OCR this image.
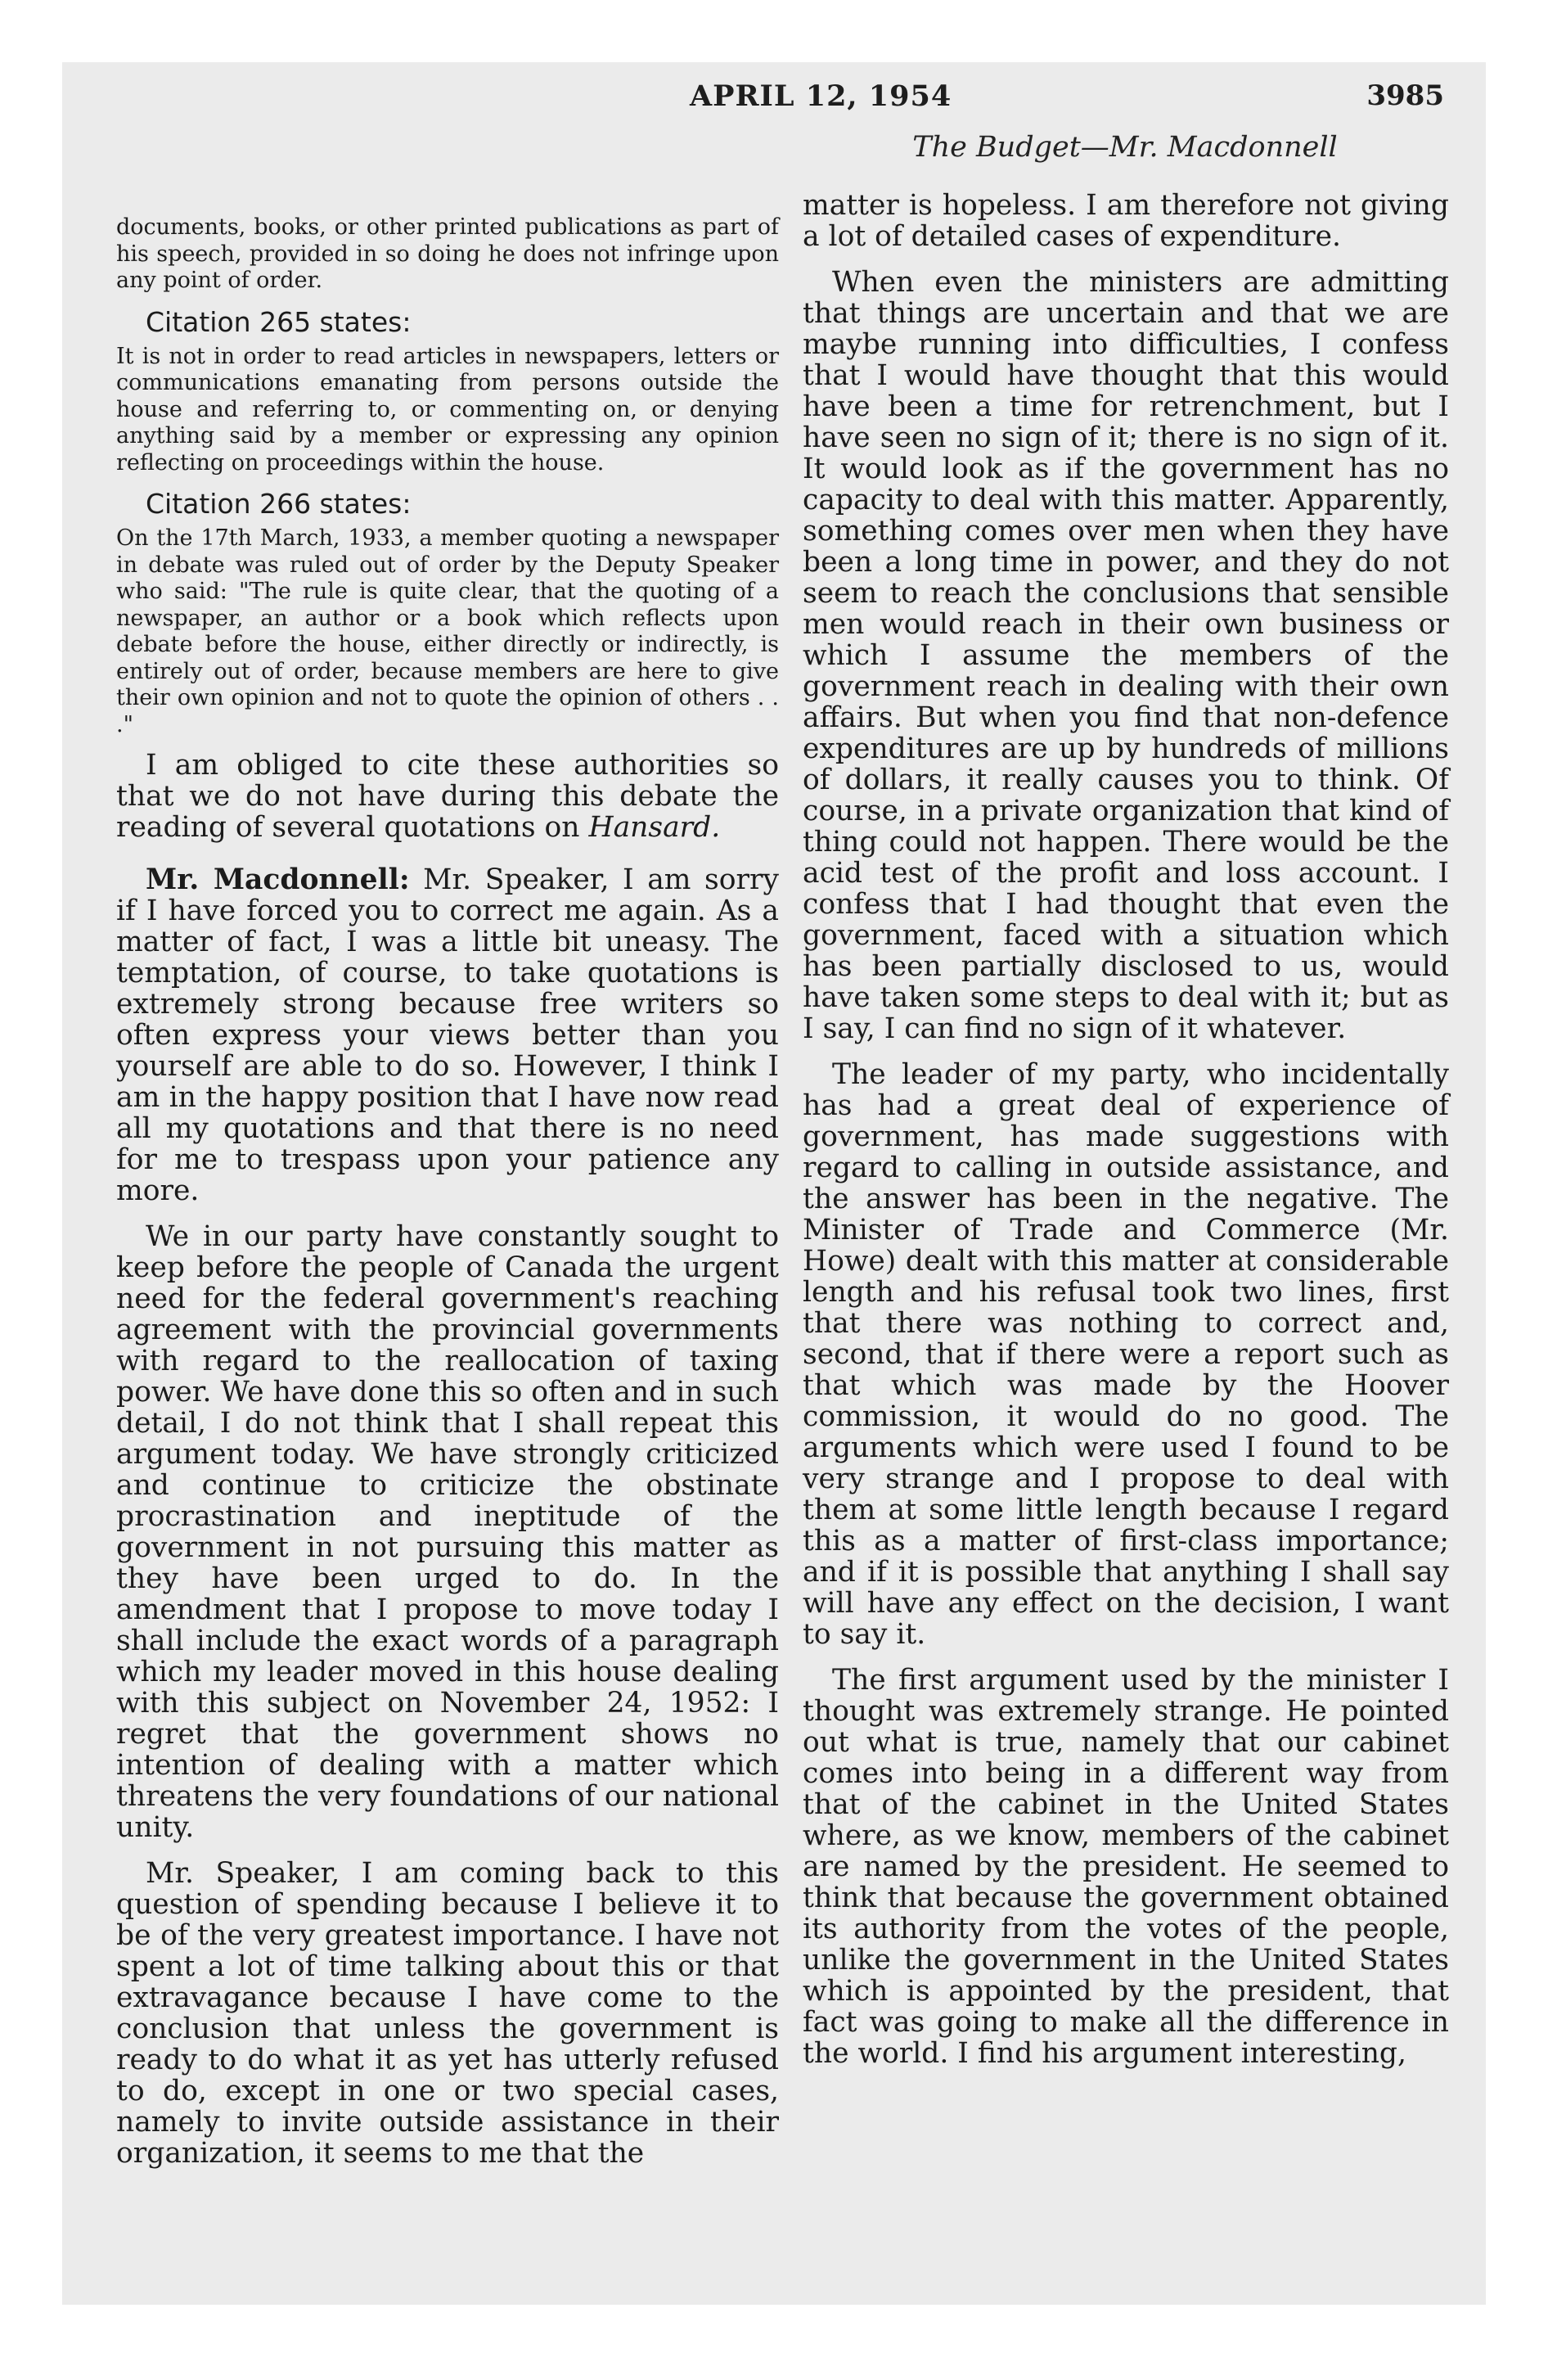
APRIL 12, 1954	3985
The Budget—Mr. Macdonnell

documents, books, or other printed publications as part of his speech, provided in so doing he does not infringe upon any point of order.

Citation 265 states:

It is not in order to read articles in newspapers, letters or communications emanating from persons outside the house and referring to, or commenting on, or denying anything said by a member or expressing any opinion reflecting on proceedings within the house.

Citation 266 states:

On the 17th March, 1933, a member quoting a newspaper in debate was ruled out of order by the Deputy Speaker who said: "The rule is quite clear, that the quoting of a newspaper, an author or a book which reflects upon debate before the house, either directly or indirectly, is entirely out of order, because members are here to give their own opinion and not to quote the opinion of others . . ."

I am obliged to cite these authorities so that we do not have during this debate the reading of several quotations on Hansard.

Mr. Macdonnell: Mr. Speaker, I am sorry if I have forced you to correct me again. As a matter of fact, I was a little bit uneasy. The temptation, of course, to take quotations is extremely strong because free writers so often express your views better than you yourself are able to do so. However, I think I am in the happy position that I have now read all my quotations and that there is no need for me to trespass upon your patience any more.

We in our party have constantly sought to keep before the people of Canada the urgent need for the federal government's reaching agreement with the provincial governments with regard to the reallocation of taxing power. We have done this so often and in such detail, I do not think that I shall repeat this argument today. We have strongly criticized and continue to criticize the obstinate procrastination and ineptitude of the government in not pursuing this matter as they have been urged to do. In the amendment that I propose to move today I shall include the exact words of a paragraph which my leader moved in this house dealing with this subject on November 24, 1952: I regret that the government shows no intention of dealing with a matter which threatens the very foundations of our national unity.

Mr. Speaker, I am coming back to this question of spending because I believe it to be of the very greatest importance. I have not spent a lot of time talking about this or that extravagance because I have come to the conclusion that unless the government is ready to do what it as yet has utterly refused to do, except in one or two special cases, namely to invite outside assistance in their organization, it seems to me that the

matter is hopeless. I am therefore not giving a lot of detailed cases of expenditure.

When even the ministers are admitting that things are uncertain and that we are maybe running into difficulties, I confess that I would have thought that this would have been a time for retrenchment, but I have seen no sign of it; there is no sign of it. It would look as if the government has no capacity to deal with this matter. Apparently, something comes over men when they have been a long time in power, and they do not seem to reach the conclusions that sensible men would reach in their own business or which I assume the members of the government reach in dealing with their own affairs. But when you find that non-defence expenditures are up by hundreds of millions of dollars, it really causes you to think. Of course, in a private organization that kind of thing could not happen. There would be the acid test of the profit and loss account. I confess that I had thought that even the government, faced with a situation which has been partially disclosed to us, would have taken some steps to deal with it; but as I say, I can find no sign of it whatever.

The leader of my party, who incidentally has had a great deal of experience of government, has made suggestions with regard to calling in outside assistance, and the answer has been in the negative. The Minister of Trade and Commerce (Mr. Howe) dealt with this matter at considerable length and his refusal took two lines, first that there was nothing to correct and, second, that if there were a report such as that which was made by the Hoover commission, it would do no good. The arguments which were used I found to be very strange and I propose to deal with them at some little length because I regard this as a matter of first-class importance; and if it is possible that anything I shall say will have any effect on the decision, I want to say it.

The first argument used by the minister I thought was extremely strange. He pointed out what is true, namely that our cabinet comes into being in a different way from that of the cabinet in the United States where, as we know, members of the cabinet are named by the president. He seemed to think that because the government obtained its authority from the votes of the people, unlike the government in the United States which is appointed by the president, that fact was going to make all the difference in the world. I find his argument interesting,
